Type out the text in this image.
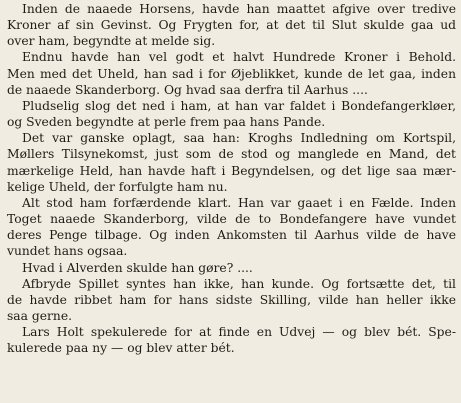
Inden de naaede Horsens, havde han maattet afgive over tredive
Kroner af sin Gevinst. Og Frygten for, at det til Slut skulde gaa ud
over ham, begyndte at melde sig.
Endnu havde han vel godt et halvt Hundrede Kroner i Behold.
Men med det Uheld, han sad i for Øjeblikket, kunde de let gaa, inden
de naaede Skanderborg. Og hvad saa derfra til Aarhus ....
Pludselig slog det ned i ham, at han var faldet i Bondefangerkløer,
og Sveden begyndte at perle frem paa hans Pande.
Det var ganske oplagt, saa han: Kroghs Indledning om Kortspil,
Møllers Tilsynekomst, just som de stod og manglede en Mand, det
mærkelige Held, han havde haft i Begyndelsen, og det lige saa mær-
kelige Uheld, der forfulgte ham nu.
Alt stod ham forfærdende klart. Han var gaaet i en Fælde. Inden
Toget naaede Skanderborg, vilde de to Bondefangere have vundet
deres Penge tilbage. Og inden Ankomsten til Aarhus vilde de have
vundet hans ogsaa.
Hvad i Alverden skulde han gøre? ....
Afbryde Spillet syntes han ikke, han kunde. Og fortsætte det, til
de havde ribbet ham for hans sidste Skilling, vilde han heller ikke
saa gerne.
Lars Holt spekulerede for at finde en Udvej — og blev bét. Spe-
kulerede paa ny — og blev atter bét.
